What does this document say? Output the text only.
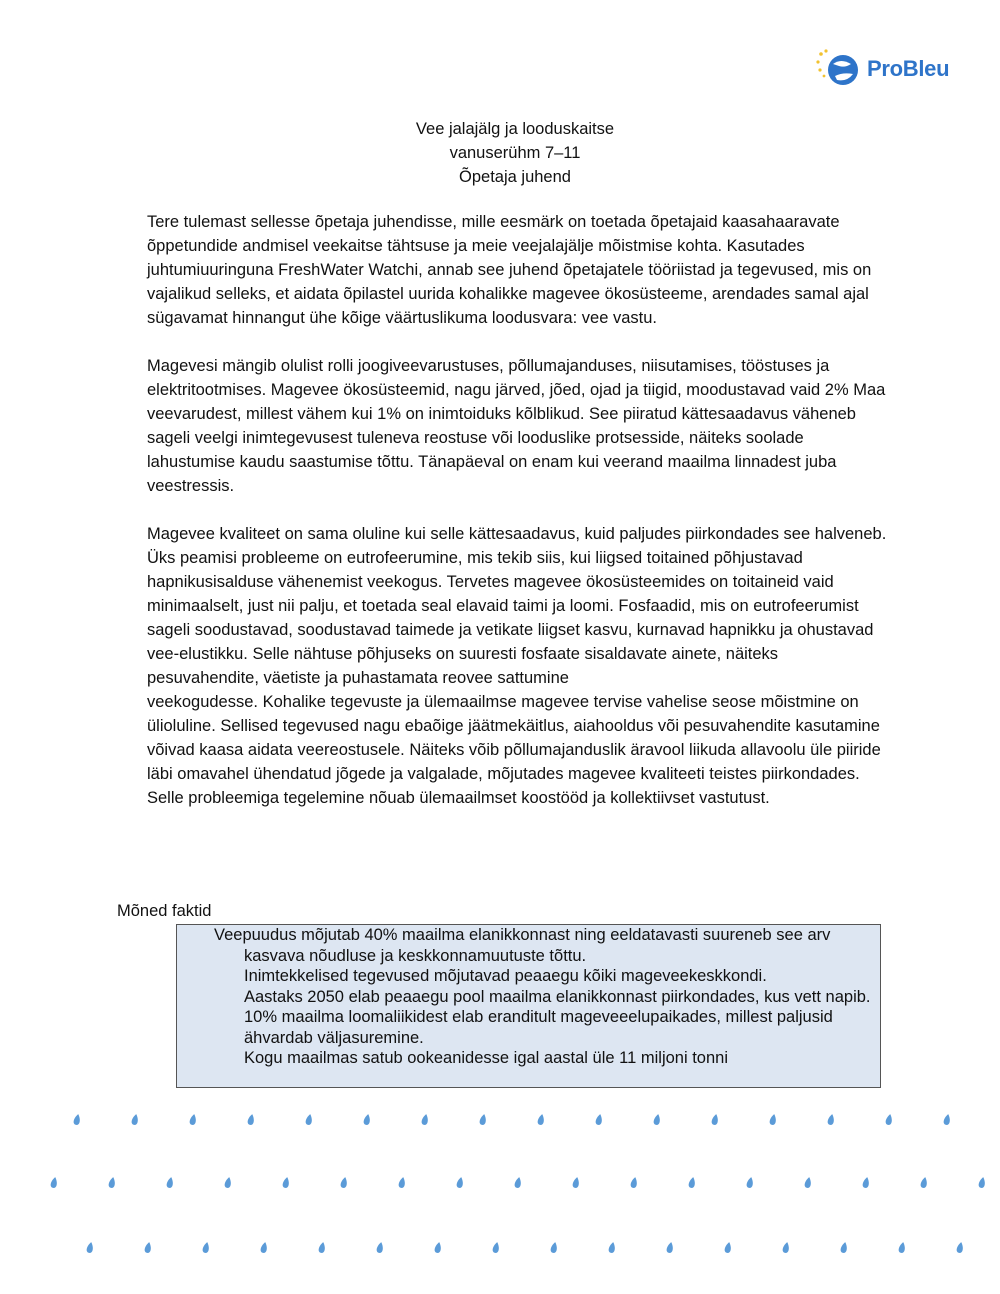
ProBleu
Vee jalajälg ja looduskaitse
vanuserühm 7–11
Õpetaja juhend

Tere tulemast sellesse õpetaja juhendisse, mille eesmärk on toetada õpetajaid kaasahaaravate õppetundide andmisel veekaitse tähtsuse ja meie veejalajälje mõistmise kohta. Kasutades juhtumiuuringuna FreshWater Watchi, annab see juhend õpetajatele tööriistad ja tegevused, mis on vajalikud selleks, et aidata õpilastel uurida kohalikke magevee ökosüsteeme, arendades samal ajal sügavamat hinnangut ühe kõige väärtuslikuma loodusvara: vee vastu.

Magevesi mängib olulist rolli joogiveevarustuses, põllumajanduses, niisutamises, tööstuses ja elektritootmises. Magevee ökosüsteemid, nagu järved, jõed, ojad ja tiigid, moodustavad vaid 2% Maa veevarudest, millest vähem kui 1% on inimtoiduks kõlblikud. See piiratud kättesaadavus väheneb sageli veelgi inimtegevusest tuleneva reostuse või looduslike protsesside, näiteks soolade lahustumise kaudu saastumise tõttu. Tänapäeval on enam kui veerand maailma linnadest juba veestressis.

Magevee kvaliteet on sama oluline kui selle kättesaadavus, kuid paljudes piirkondades see halveneb. Üks peamisi probleeme on eutrofeerumine, mis tekib siis, kui liigsed toitained põhjustavad hapnikusisalduse vähenemist veekogus. Tervetes magevee ökosüsteemides on toitaineid vaid minimaalselt, just nii palju, et toetada seal elavaid taimi ja loomi. Fosfaadid, mis on eutrofeerumist sageli soodustavad, soodustavad taimede ja vetikate liigset kasvu, kurnavad hapnikku ja ohustavad vee-elustikku. Selle nähtuse põhjuseks on suuresti fosfaate sisaldavate ainete, näiteks pesuvahendite, väetiste ja puhastamata reovee sattumine

veekogudesse. Kohalike tegevuste ja ülemaailmse magevee tervise vahelise seose mõistmine on ülioluline. Sellised tegevused nagu ebaõige jäätmekäitlus, aiahooldus või pesuvahendite kasutamine võivad kaasa aidata veereostusele. Näiteks võib põllumajanduslik äravool liikuda allavoolu üle piiride läbi omavahel ühendatud jõgede ja valgalade, mõjutades magevee kvaliteeti teistes piirkondades. Selle probleemiga tegelemine nõuab ülemaailmset koostööd ja kollektiivset vastutust.

Mõned faktid

Veepuudus mõjutab 40% maailma elanikkonnast ning eeldatavasti suureneb see arv kasvava nõudluse ja keskkonnamuutuste tõttu.

Inimtekkelised tegevused mõjutavad peaaegu kõiki mageveekeskkondi.

Aastaks 2050 elab peaaegu pool maailma elanikkonnast piirkondades, kus vett napib.

10% maailma loomaliikidest elab eranditult mageveeelupaikades, millest paljusid ähvardab väljasuremine.

Kogu maailmas satub ookeanidesse igal aastal üle 11 miljoni tonni
